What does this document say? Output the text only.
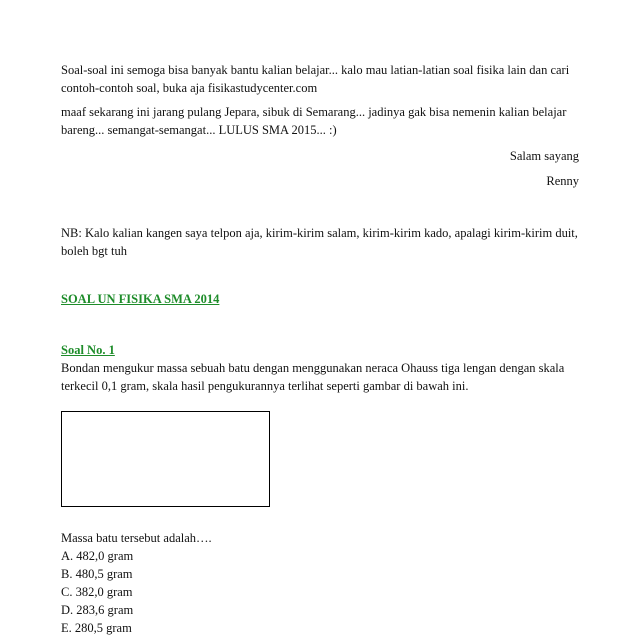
Soal-soal ini semoga bisa banyak bantu kalian belajar... kalo mau latian-latian soal fisika lain dan cari contoh-contoh soal, buka aja fisikastudycenter.com

maaf sekarang ini jarang pulang Jepara, sibuk di Semarang... jadinya gak bisa nemenin kalian belajar bareng... semangat-semangat... LULUS SMA 2015... :)

Salam sayang

Renny

NB: Kalo kalian kangen saya telpon aja, kirim-kirim salam, kirim-kirim kado, apalagi kirim-kirim duit, boleh bgt tuh

SOAL UN FISIKA SMA 2014

Soal No. 1

Bondan mengukur massa sebuah batu dengan menggunakan neraca Ohauss tiga lengan dengan skala terkecil 0,1 gram, skala hasil pengukurannya terlihat seperti gambar di bawah ini.

Massa batu tersebut adalah….

A. 482,0 gram

B. 480,5 gram

C. 382,0 gram

D. 283,6 gram

E. 280,5 gram
